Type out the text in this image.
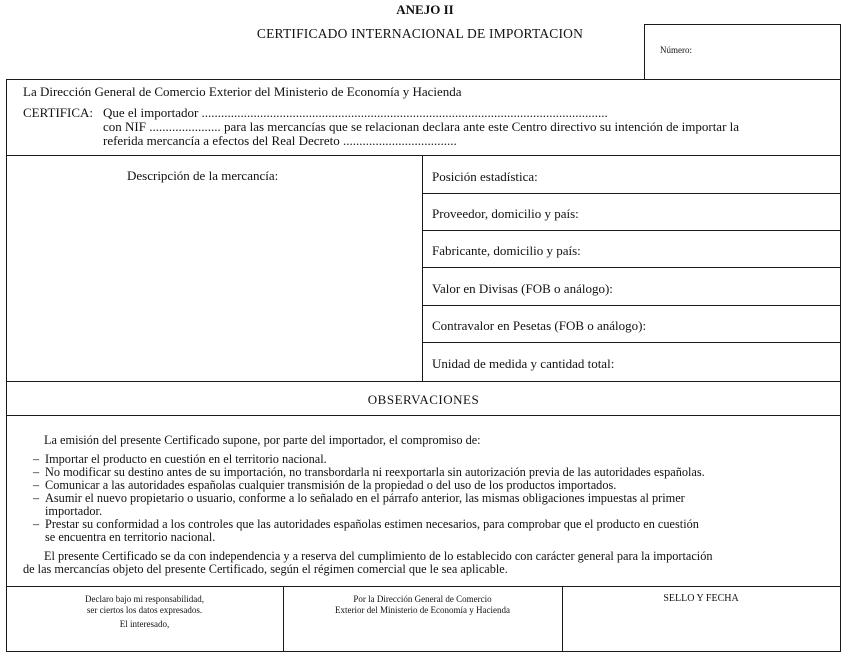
ANEJO II
CERTIFICADO INTERNACIONAL DE IMPORTACION
Número:
La Dirección General de Comercio Exterior del Ministerio de Economía y Hacienda
CERTIFICA: Que el importador .............................................................................................................................
con NIF ...................... para las mercancías que se relacionan declara ante este Centro directivo su intención de importar la
referida mercancía a efectos del Real Decreto ...................................
Descripción de la mercancía:	Posición estadística:
Proveedor, domicilio y país:
Fabricante, domicilio y país:
Valor en Divisas (FOB o análogo):
Contravalor en Pesetas (FOB o análogo):
Unidad de medida y cantidad total:
OBSERVACIONES
La emisión del presente Certificado supone, por parte del importador, el compromiso de:
– Importar el producto en cuestión en el territorio nacional.
– No modificar su destino antes de su importación, no transbordarla ni reexportarla sin autorización previa de las autoridades españolas.
– Comunicar a las autoridades españolas cualquier transmisión de la propiedad o del uso de los productos importados.
– Asumir el nuevo propietario o usuario, conforme a lo señalado en el párrafo anterior, las mismas obligaciones impuestas al primer
importador.
– Prestar su conformidad a los controles que las autoridades españolas estimen necesarios, para comprobar que el producto en cuestión
se encuentra en territorio nacional.
El presente Certificado se da con independencia y a reserva del cumplimiento de lo establecido con carácter general para la importación
de las mercancías objeto del presente Certificado, según el régimen comercial que le sea aplicable.
Declaro bajo mi responsabilidad,
ser ciertos los datos expresados.
El interesado,
Por la Dirección General de Comercio
Exterior del Ministerio de Economía y Hacienda
SELLO Y FECHA
